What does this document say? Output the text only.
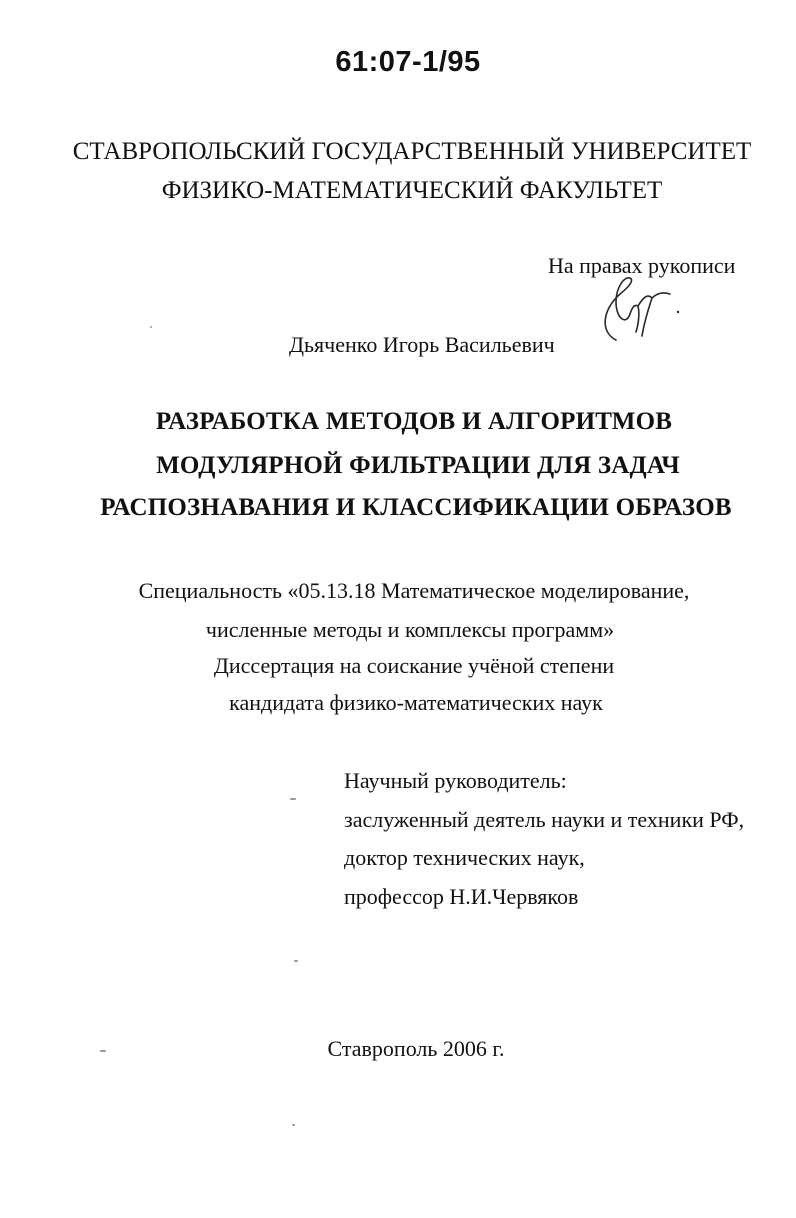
61:07-1/95
СТАВРОПОЛЬСКИЙ ГОСУДАРСТВЕННЫЙ УНИВЕРСИТЕТ
ФИЗИКО-МАТЕМАТИЧЕСКИЙ ФАКУЛЬТЕТ
На правах рукописи
Дьяченко Игорь Васильевич
РАЗРАБОТКА МЕТОДОВ И АЛГОРИТМОВ
МОДУЛЯРНОЙ ФИЛЬТРАЦИИ ДЛЯ ЗАДАЧ
РАСПОЗНАВАНИЯ И КЛАССИФИКАЦИИ ОБРАЗОВ
Специальность «05.13.18 Математическое моделирование,
численные методы и комплексы программ»
Диссертация на соискание учёной степени
кандидата физико-математических наук
Научный руководитель:
заслуженный деятель науки и техники РФ,
доктор технических наук,
профессор Н.И.Червяков
Ставрополь 2006 г.
